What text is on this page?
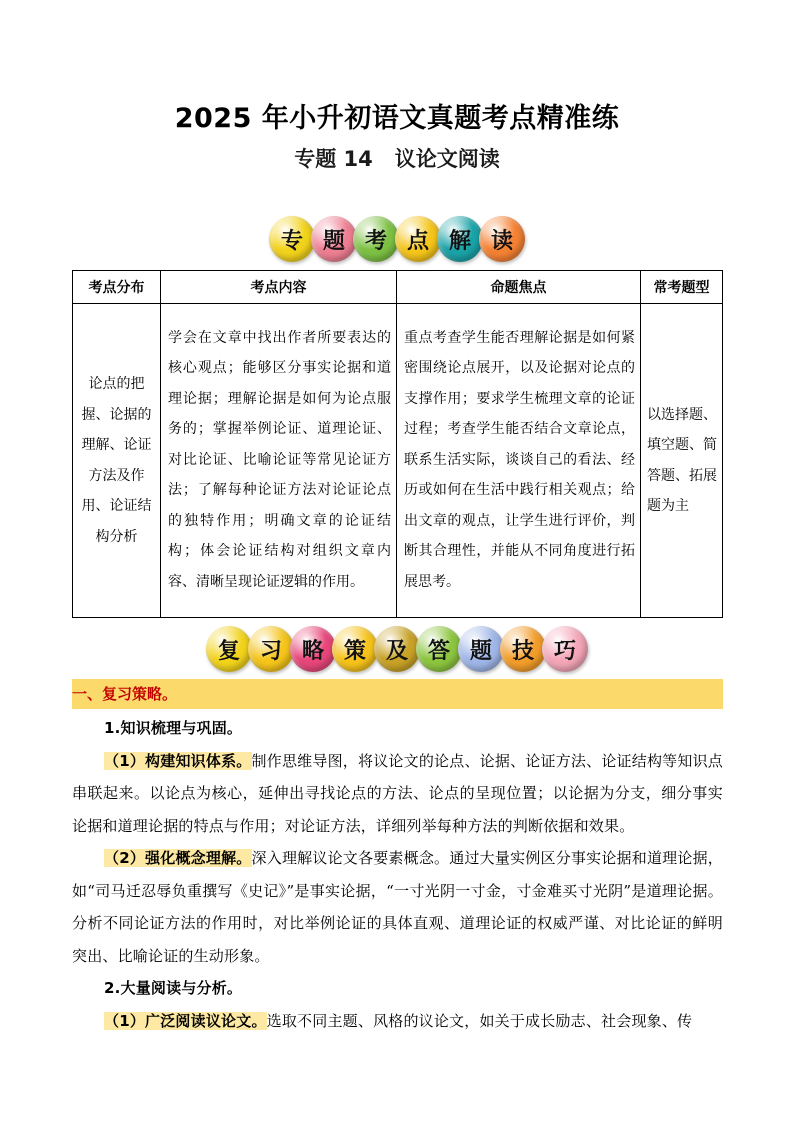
2025 年小升初语文真题考点精准练
专题 14 议论文阅读
专 题 考 点 解 读
考点分布	考点内容	命题焦点	常考题型

论点的把握、论据的理解、论证方法及作用、论证结构分析	学会在文章中找出作者所要表达的核心观点；能够区分事实论据和道理论据；理解论据是如何为论点服务的；掌握举例论证、道理论证、对比论证、比喻论证等常见论证方法；了解每种论证方法对论证论点的独特作用；明确文章的论证结构；体会论证结构对组织文章内容、清晰呈现论证逻辑的作用。	重点考查学生能否理解论据是如何紧密围绕论点展开，以及论据对论点的支撑作用；要求学生梳理文章的论证过程；考查学生能否结合文章论点，联系生活实际，谈谈自己的看法、经历或如何在生活中践行相关观点；给出文章的观点，让学生进行评价，判断其合理性，并能从不同角度进行拓展思考。	以选择题、填空题、简答题、拓展题为主
复 习 略 策 及 答 题 技 巧
一、复习策略。

1.知识梳理与巩固。

（1）构建知识体系。制作思维导图，将议论文的论点、论据、论证方法、论证结构等知识点串联起来。以论点为核心，延伸出寻找论点的方法、论点的呈现位置；以论据为分支，细分事实论据和道理论据的特点与作用；对论证方法，详细列举每种方法的判断依据和效果。

（2）强化概念理解。深入理解议论文各要素概念。通过大量实例区分事实论据和道理论据，如“司马迁忍辱负重撰写《史记》”是事实论据，“一寸光阴一寸金，寸金难买寸光阴”是道理论据。分析不同论证方法的作用时，对比举例论证的具体直观、道理论证的权威严谨、对比论证的鲜明突出、比喻论证的生动形象。

2.大量阅读与分析。

（1）广泛阅读议论文。选取不同主题、风格的议论文，如关于成长励志、社会现象、传
